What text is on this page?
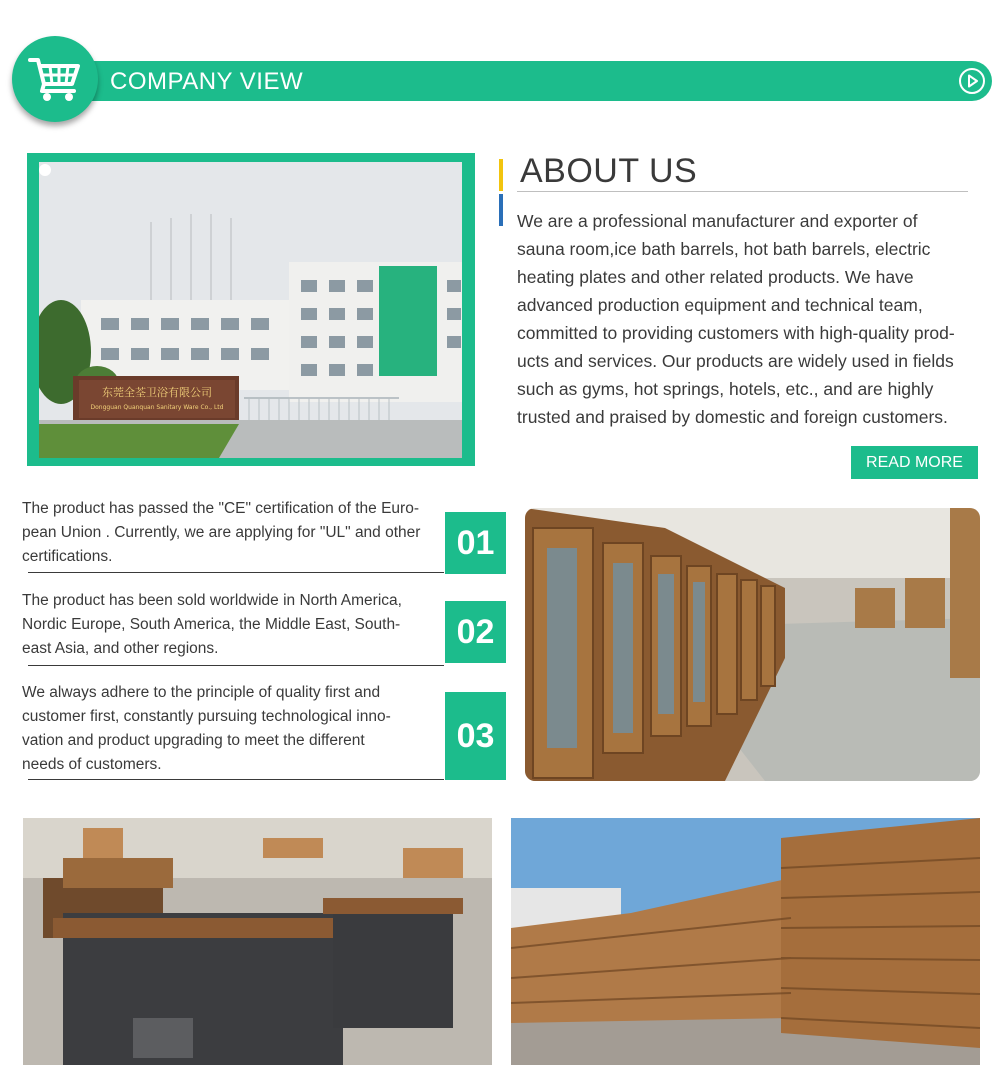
COMPANY VIEW
东莞全荃卫浴有限公司
Dongguan Quanquan Sanitary Ware Co., Ltd
ABOUT US
We are a professional manufacturer and exporter of
sauna room,ice bath barrels, hot bath barrels, electric
heating plates and other related products. We have
advanced production equipment and technical team,
committed to providing customers with high-quality prod-
ucts and services. Our products are widely used in fields
such as gyms, hot springs, hotels, etc., and are highly
trusted and praised by domestic and foreign customers.
READ MORE
The product has passed the "CE" certification of the Euro-
pean Union . Currently, we are applying for "UL" and other
certifications.	01
The product has been sold worldwide in North America,
Nordic Europe, South America, the Middle East, South-
east Asia, and other regions.	02
We always adhere to the principle of quality first and
customer first, constantly pursuing technological inno-
vation and product upgrading to meet the different
needs of customers.
03
